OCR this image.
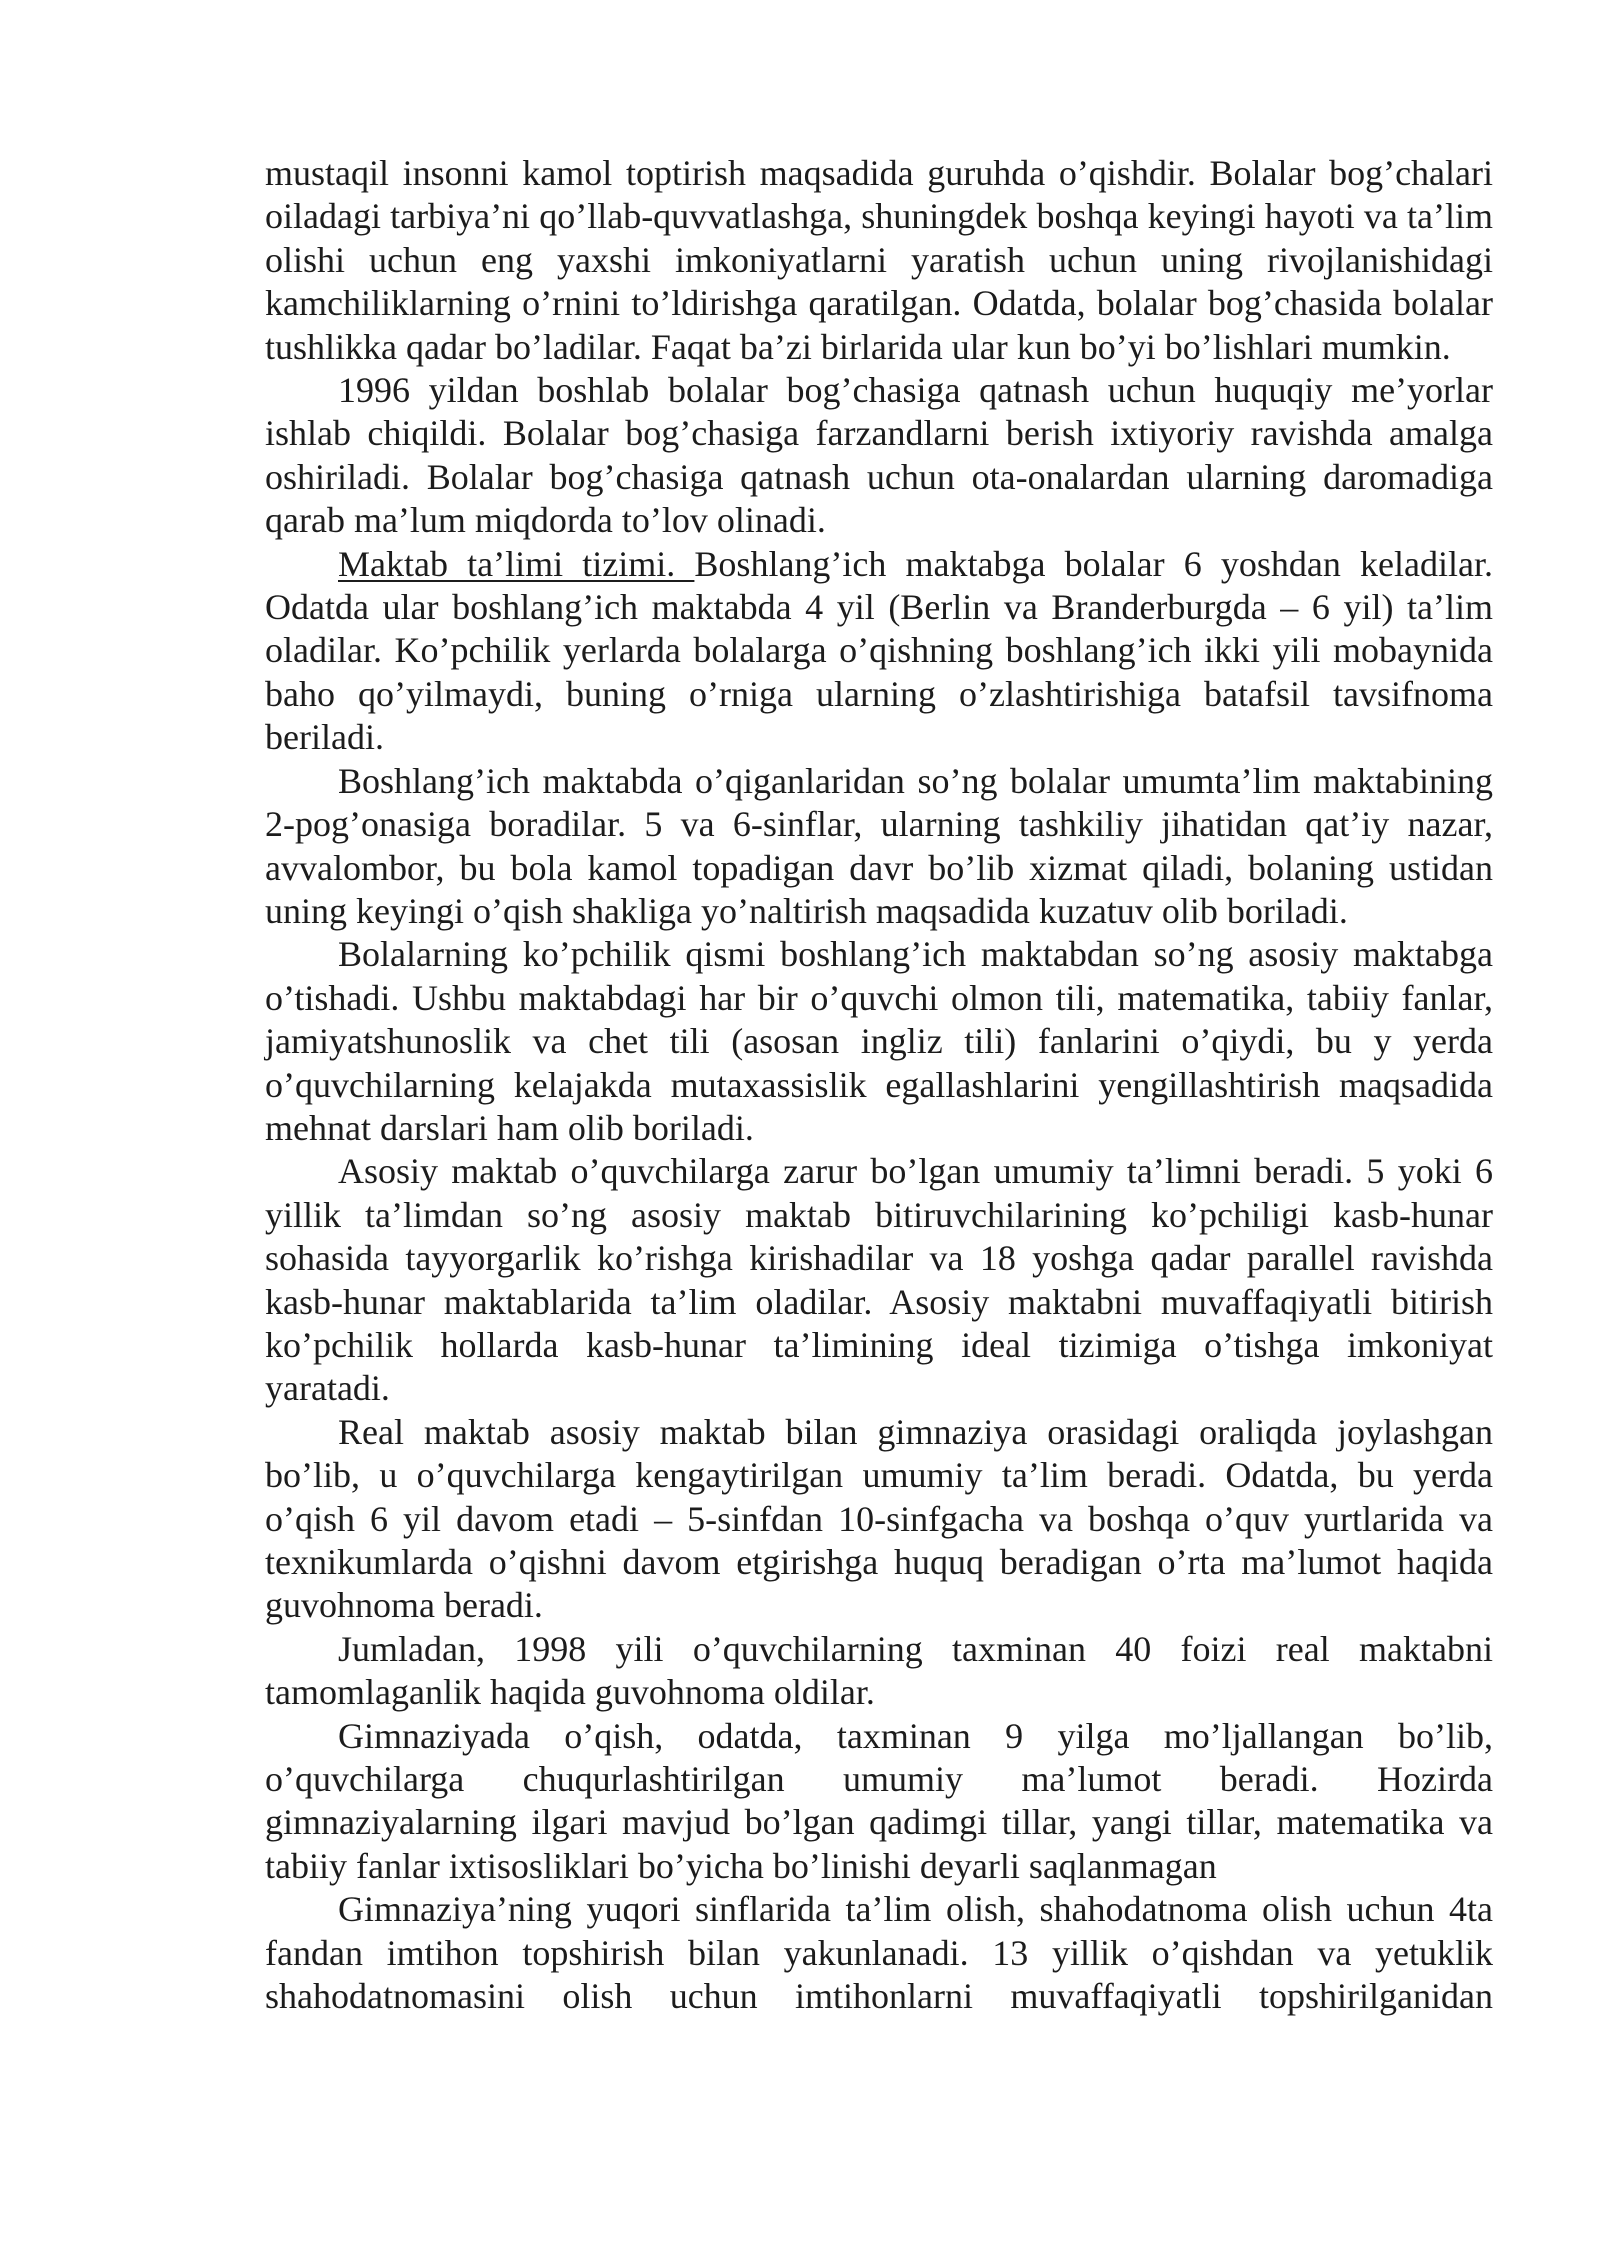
mustaqil insonni kamol toptirish maqsadida guruhda o’qishdir. Bolalar bog’chalari oiladagi tarbiya’ni qo’llab-quvvatlashga, shuningdek boshqa keyingi hayoti va ta’lim olishi uchun eng yaxshi imkoniyatlarni yaratish uchun uning rivojlanishidagi kamchiliklarning o’rnini to’ldirishga qaratilgan. Odatda, bolalar bog’chasida bolalar tushlikka qadar bo’ladilar. Faqat ba’zi birlarida ular kun bo’yi bo’lishlari mumkin.

1996 yildan boshlab bolalar bog’chasiga qatnash uchun huquqiy me’yorlar ishlab chiqildi. Bolalar bog’chasiga farzandlarni berish ixtiyoriy ravishda amalga oshiriladi. Bolalar bog’chasiga qatnash uchun ota-onalardan ularning daromadiga qarab ma’lum miqdorda to’lov olinadi.

Maktab ta’limi tizimi. Boshlang’ich maktabga bolalar 6 yoshdan keladilar. Odatda ular boshlang’ich maktabda 4 yil (Berlin va Branderburgda – 6 yil) ta’lim oladilar. Ko’pchilik yerlarda bolalarga o’qishning boshlang’ich ikki yili mobaynida baho qo’yilmaydi, buning o’rniga ularning o’zlashtirishiga batafsil tavsifnoma beriladi.

Boshlang’ich maktabda o’qiganlaridan so’ng bolalar umumta’lim maktabining 2-pog’onasiga boradilar. 5 va 6-sinflar, ularning tashkiliy jihatidan qat’iy nazar, avvalombor, bu bola kamol topadigan davr bo’lib xizmat qiladi, bolaning ustidan uning keyingi o’qish shakliga yo’naltirish maqsadida kuzatuv olib boriladi.

Bolalarning ko’pchilik qismi boshlang’ich maktabdan so’ng asosiy maktabga o’tishadi. Ushbu maktabdagi har bir o’quvchi olmon tili, matematika, tabiiy fanlar, jamiyatshunoslik va chet tili (asosan ingliz tili) fanlarini o’qiydi, bu y yerda o’quvchilarning kelajakda mutaxassislik egallashlarini yengillashtirish maqsadida mehnat darslari ham olib boriladi.

Asosiy maktab o’quvchilarga zarur bo’lgan umumiy ta’limni beradi. 5 yoki 6 yillik ta’limdan so’ng asosiy maktab bitiruvchilarining ko’pchiligi kasb-hunar sohasida tayyorgarlik ko’rishga kirishadilar va 18 yoshga qadar parallel ravishda kasb-hunar maktablarida ta’lim oladilar. Asosiy maktabni muvaffaqiyatli bitirish ko’pchilik hollarda kasb-hunar ta’limining ideal tizimiga o’tishga imkoniyat yaratadi.

Real maktab asosiy maktab bilan gimnaziya orasidagi oraliqda joylashgan bo’lib, u o’quvchilarga kengaytirilgan umumiy ta’lim beradi. Odatda, bu yerda o’qish 6 yil davom etadi – 5-sinfdan 10-sinfgacha va boshqa o’quv yurtlarida va texnikumlarda o’qishni davom etgirishga huquq beradigan o’rta ma’lumot haqida guvohnoma beradi.

Jumladan, 1998 yili o’quvchilarning taxminan 40 foizi real maktabni tamomlaganlik haqida guvohnoma oldilar.

Gimnaziyada o’qish, odatda, taxminan 9 yilga mo’ljallangan bo’lib, o’quvchilarga chuqurlashtirilgan umumiy ma’lumot beradi. Hozirda gimnaziyalarning ilgari mavjud bo’lgan qadimgi tillar, yangi tillar, matematika va tabiiy fanlar ixtisosliklari bo’yicha bo’linishi deyarli saqlanmagan

Gimnaziya’ning yuqori sinflarida ta’lim olish, shahodatnoma olish uchun 4ta fandan imtihon topshirish bilan yakunlanadi. 13 yillik o’qishdan va yetuklik shahodatnomasini olish uchun imtihonlarni muvaffaqiyatli topshirilganidan
